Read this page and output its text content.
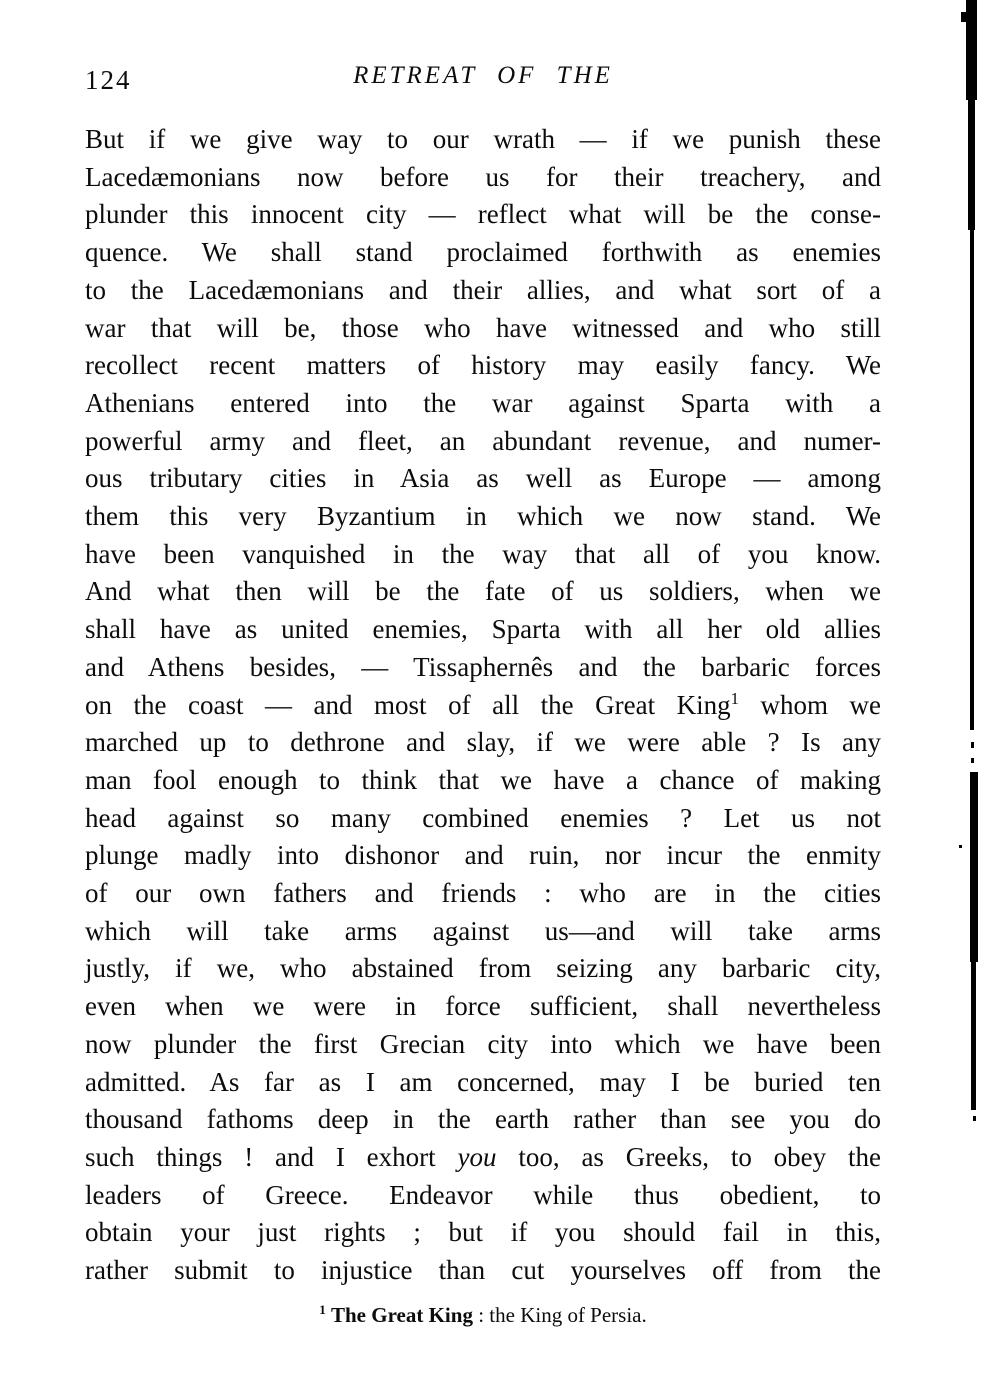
124	RETREAT OF THE
But if we give way to our wrath — if we punish these
Lacedæmonians now before us for their treachery, and
plunder this innocent city — reflect what will be the conse-
quence. We shall stand proclaimed forthwith as enemies
to the Lacedæmonians and their allies, and what sort of a
war that will be, those who have witnessed and who still
recollect recent matters of history may easily fancy. We
Athenians entered into the war against Sparta with a
powerful army and fleet, an abundant revenue, and numer-
ous tributary cities in Asia as well as Europe — among
them this very Byzantium in which we now stand. We
have been vanquished in the way that all of you know.
And what then will be the fate of us soldiers, when we
shall have as united enemies, Sparta with all her old allies
and Athens besides, — Tissaphernês and the barbaric forces
on the coast — and most of all the Great King$^1$ whom we
marched up to dethrone and slay, if we were able ? Is any
man fool enough to think that we have a chance of making
head against so many combined enemies ? Let us not
plunge madly into dishonor and ruin, nor incur the enmity
of our own fathers and friends : who are in the cities
which will take arms against us—and will take arms
justly, if we, who abstained from seizing any barbaric city,
even when we were in force sufficient, shall nevertheless
now plunder the first Grecian city into which we have been
admitted. As far as I am concerned, may I be buried ten
thousand fathoms deep in the earth rather than see you do
such things ! and I exhort you too, as Greeks, to obey the
leaders of Greece. Endeavor while thus obedient, to
obtain your just rights ; but if you should fail in this,
rather submit to injustice than cut yourselves off from the
$^1$ The Great King : the King of Persia.
